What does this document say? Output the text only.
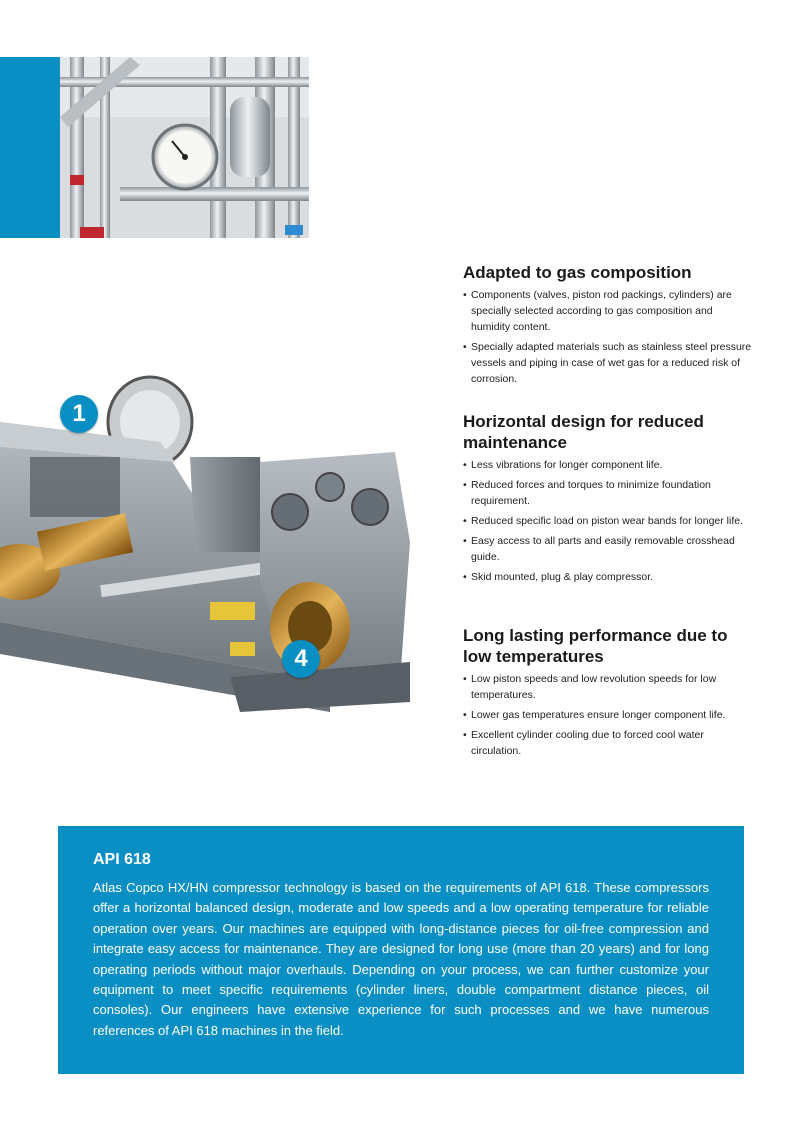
1
4
Adapted to gas composition
• Components (valves, piston rod packings, cylinders) are specially selected according to gas composition and humidity content.
• Specially adapted materials such as stainless steel pressure vessels and piping in case of wet gas for a reduced risk of corrosion.
Horizontal design for reduced maintenance
• Less vibrations for longer component life.
• Reduced forces and torques to minimize foundation requirement.
• Reduced specific load on piston wear bands for longer life.
• Easy access to all parts and easily removable crosshead guide.
• Skid mounted, plug & play compressor.
Long lasting performance due to low temperatures
• Low piston speeds and low revolution speeds for low temperatures.
• Lower gas temperatures ensure longer component life.
• Excellent cylinder cooling due to forced cool water circulation.
API 618

Atlas Copco HX/HN compressor technology is based on the requirements of API 618. These compressors offer a horizontal balanced design, moderate and low speeds and a low operating temperature for reliable operation over years. Our machines are equipped with long-distance pieces for oil-free compression and integrate easy access for maintenance. They are designed for long use (more than 20 years) and for long operating periods without major overhauls. Depending on your process, we can further customize your equipment to meet specific requirements (cylinder liners, double compartment distance pieces, oil consoles). Our engineers have extensive experience for such processes and we have numerous references of API 618 machines in the field.
